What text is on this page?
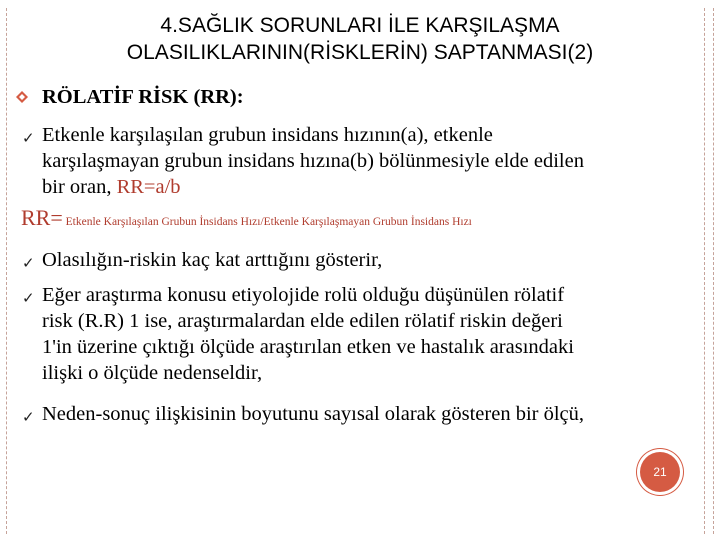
4.SAĞLIK SORUNLARI İLE KARŞILAŞMA
OLASILIKLARININ(RİSKLERİN) SAPTANMASI(2)
RÖLATİF RİSK (RR):
✓ Etkenle karşılaşılan grubun insidans hızının(a), etkenle
karşılaşmayan grubun insidans hızına(b) bölünmesiyle elde edilen
bir oran, RR=a/b
RR= Etkenle Karşılaşılan Grubun İnsidans Hızı/Etkenle Karşılaşmayan Grubun İnsidans Hızı
✓ Olasılığın-riskin kaç kat arttığını gösterir,
✓ Eğer araştırma konusu etiyolojide rolü olduğu düşünülen rölatif
risk (R.R) 1 ise, araştırmalardan elde edilen rölatif riskin değeri
1'in üzerine çıktığı ölçüde araştırılan etken ve hastalık arasındaki
ilişki o ölçüde nedenseldir,
✓ Neden-sonuç ilişkisinin boyutunu sayısal olarak gösteren bir ölçü,
21
